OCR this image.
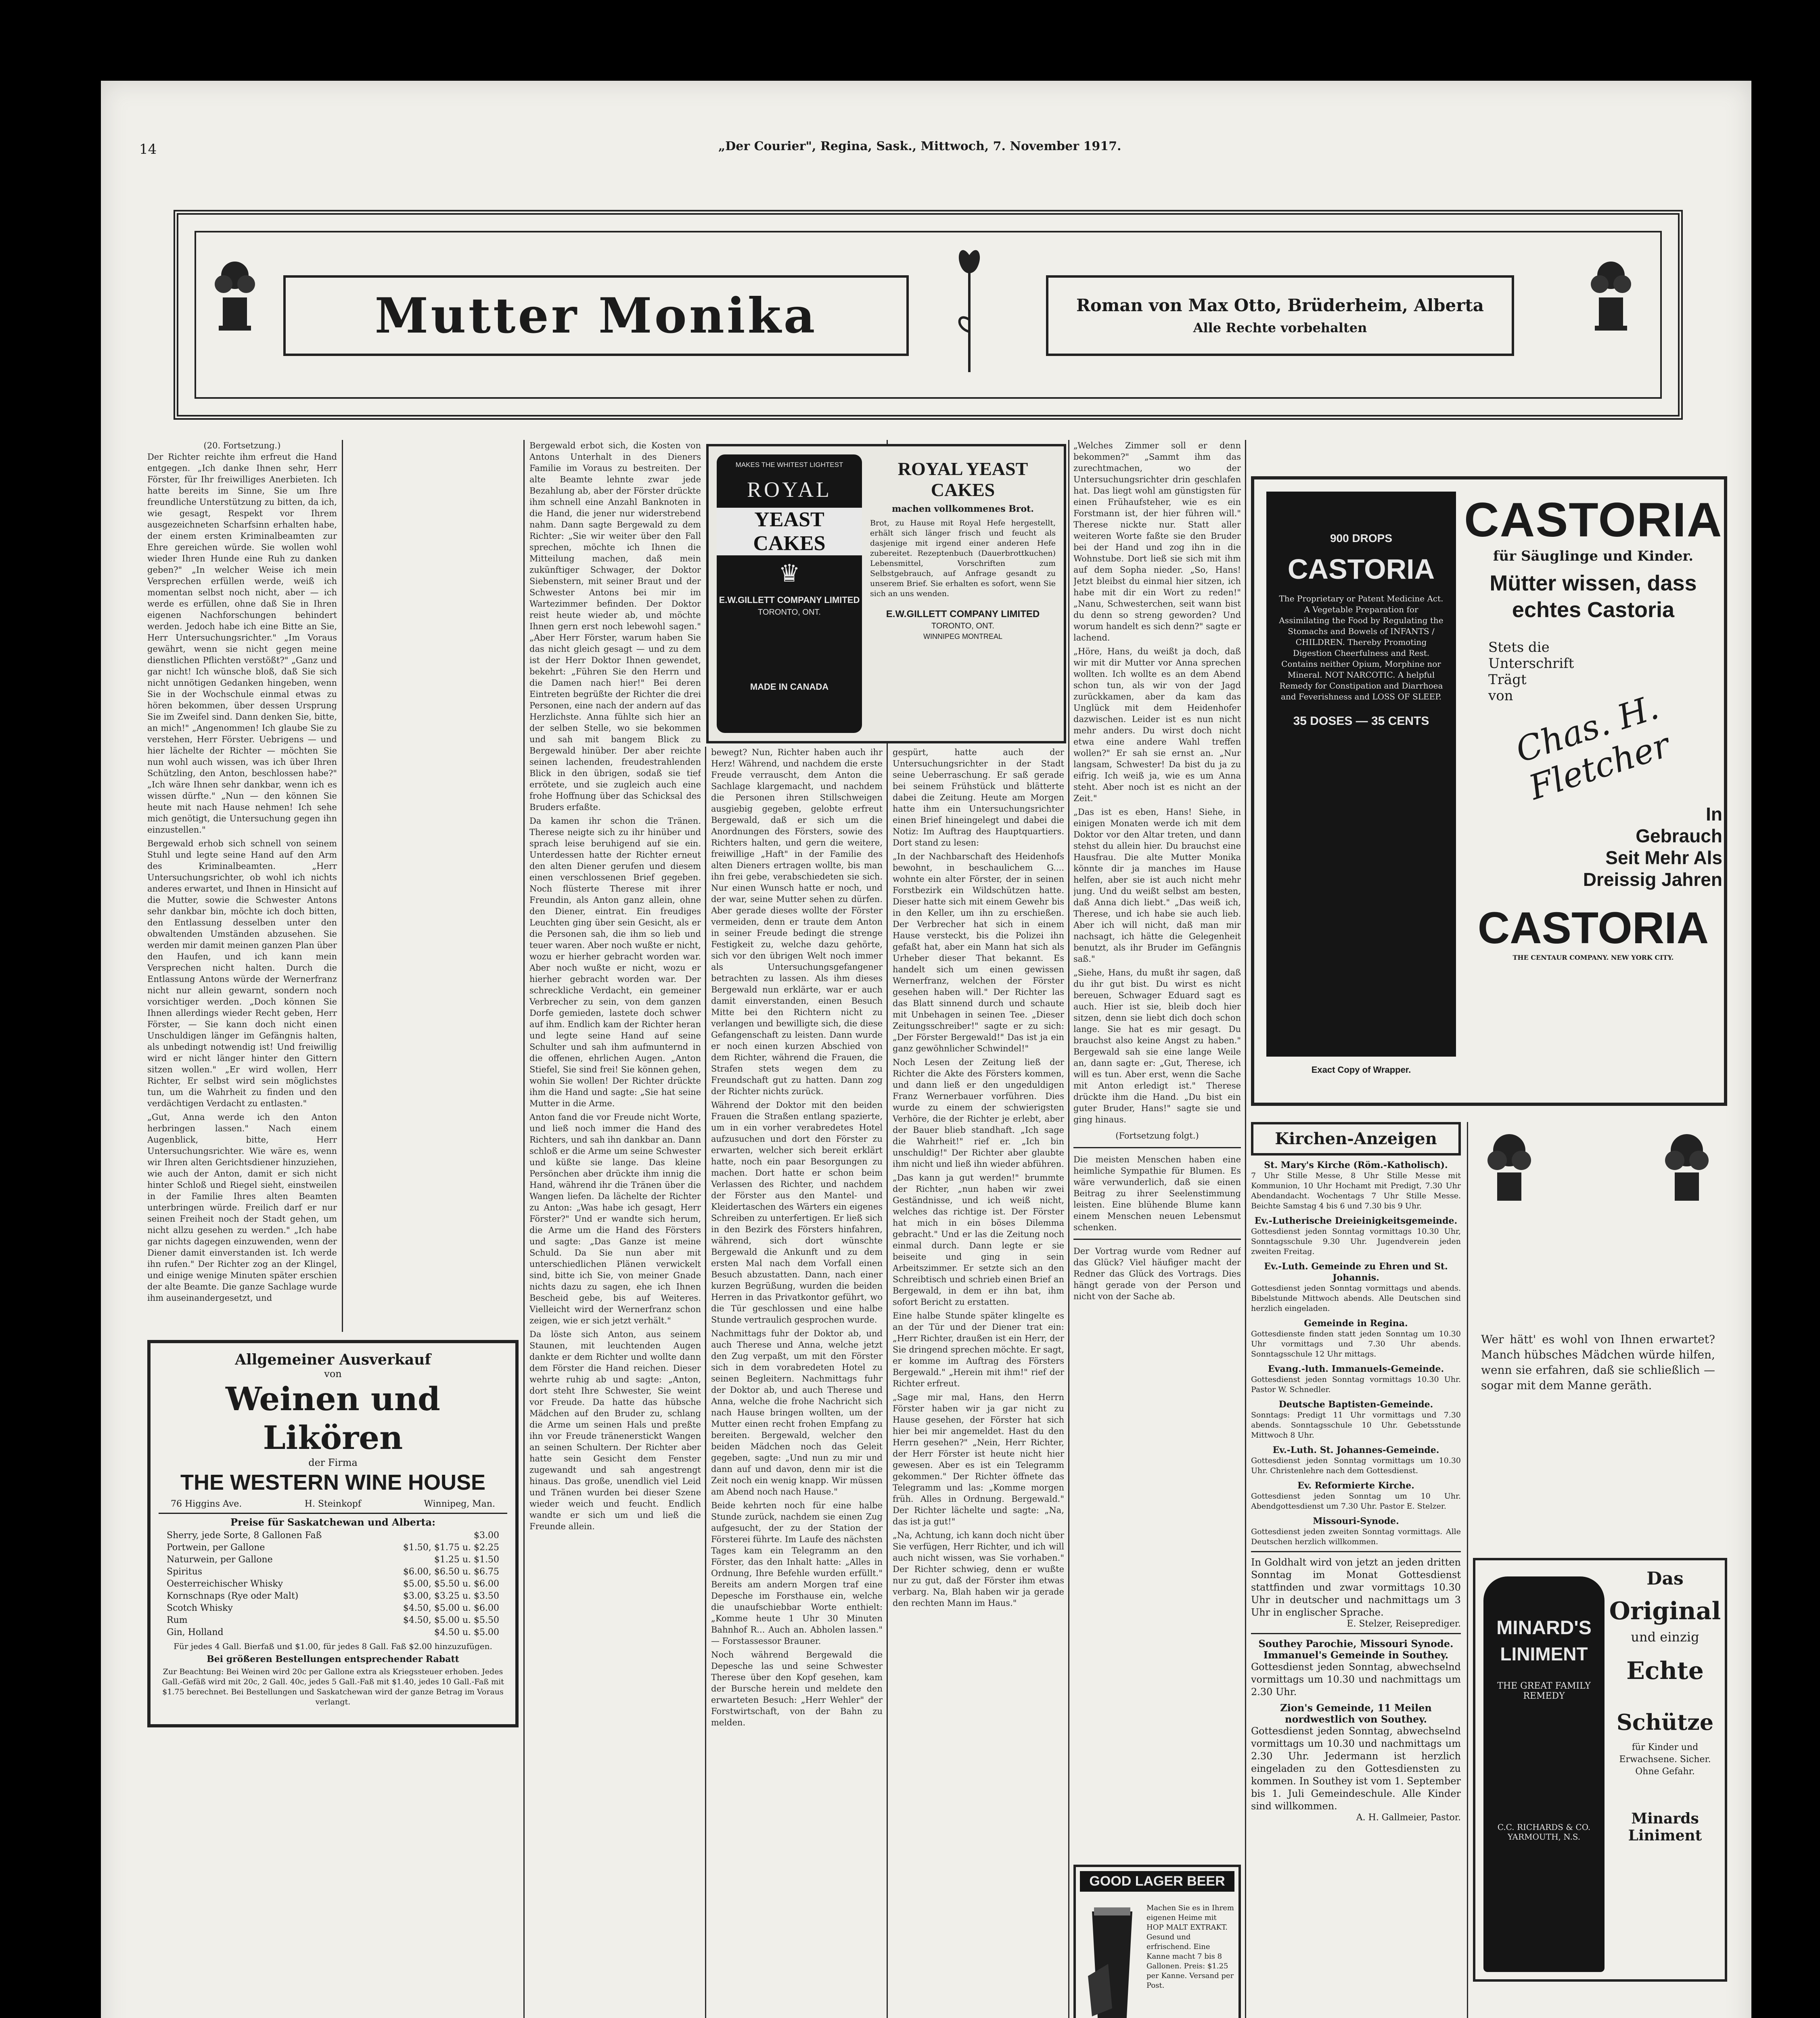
14	„Der Courier", Regina, Sask., Mittwoch, 7. November 1917.
Mutter Monika	Roman von Max Otto, Brüderheim, Alberta
Alle Rechte vorbehalten
(20. Fortsetzung.)
Der Richter reichte ihm erfreut die Hand entgegen. „Ich danke Ihnen sehr, Herr Förster, für Ihr freiwilliges Anerbieten. Ich hatte bereits im Sinne, Sie um Ihre freundliche Unterstützung zu bitten, da ich, wie gesagt, Respekt vor Ihrem ausgezeichneten Scharfsinn erhalten habe, der einem ersten Kriminalbeamten zur Ehre gereichen würde. Sie wollen wohl wieder Ihren Hunde eine Ruh zu danken geben?" „In welcher Weise ich mein Versprechen erfüllen werde, weiß ich momentan selbst noch nicht, aber — ich werde es erfüllen, ohne daß Sie in Ihren eigenen Nachforschungen behindert werden. Jedoch habe ich eine Bitte an Sie, Herr Untersuchungsrichter." „Im Voraus gewährt, wenn sie nicht gegen meine dienstlichen Pflichten verstößt?" „Ganz und gar nicht! Ich wünsche bloß, daß Sie sich nicht unnötigen Gedanken hingeben, wenn Sie in der Wochschule einmal etwas zu hören bekommen, über dessen Ursprung Sie im Zweifel sind. Dann denken Sie, bitte, an mich!" „Angenommen! Ich glaube Sie zu verstehen, Herr Förster. Uebrigens — und hier lächelte der Richter — möchten Sie nun wohl auch wissen, was ich über Ihren Schützling, den Anton, beschlossen habe?" „Ich wäre Ihnen sehr dankbar, wenn ich es wissen dürfte." „Nun — den können Sie heute mit nach Hause nehmen! Ich sehe mich genötigt, die Untersuchung gegen ihn einzustellen."
Bergewald erhob sich schnell von seinem Stuhl und legte seine Hand auf den Arm des Kriminalbeamten. „Herr Untersuchungsrichter, ob wohl ich nichts anderes erwartet, und Ihnen in Hinsicht auf die Mutter, sowie die Schwester Antons sehr dankbar bin, möchte ich doch bitten, den Entlassung desselben unter den obwaltenden Umständen abzusehen. Sie werden mir damit meinen ganzen Plan über den Haufen, und ich kann mein Versprechen nicht halten. Durch die Entlassung Antons würde der Wernerfranz nicht nur allein gewarnt, sondern noch vorsichtiger werden. „Doch können Sie Ihnen allerdings wieder Recht geben, Herr Förster, — Sie kann doch nicht einen Unschuldigen länger im Gefängnis halten, als unbedingt notwendig ist! Und freiwillig wird er nicht länger hinter den Gittern sitzen wollen." „Er wird wollen, Herr Richter, Er selbst wird sein möglichstes tun, um die Wahrheit zu finden und den verdächtigen Verdacht zu entlasten."
„Gut, Anna werde ich den Anton herbringen lassen." Nach einem Augenblick, bitte, Herr Untersuchungsrichter. Wie wäre es, wenn wir Ihren alten Gerichtsdiener hinzuziehen, wie auch der Anton, damit er sich nicht hinter Schloß und Riegel sieht, einstweilen in der Familie Ihres alten Beamten unterbringen würde. Freilich darf er nur seinen Freiheit noch der Stadt gehen, um nicht allzu gesehen zu werden." „Ich habe gar nichts dagegen einzuwenden, wenn der Diener damit einverstanden ist. Ich werde ihn rufen." Der Richter zog an der Klingel, und einige wenige Minuten später erschien der alte Beamte. Die ganze Sachlage wurde ihm auseinandergesetzt, und
Allgemeiner Ausverkauf
von
Weinen und Likören
der Firma
THE WESTERN WINE HOUSE
76 Higgins Ave.	H. Steinkopf	Winnipeg, Man.
Preise für Saskatchewan und Alberta:
Sherry, jede Sorte, 8 Gallonen Faß	$3.00
Portwein, per Gallone	$1.50, $1.75 u. $2.25
Naturwein, per Gallone	$1.25 u. $1.50
Spiritus	$6.00, $6.50 u. $6.75
Oesterreichischer Whisky	$5.00, $5.50 u. $6.00
Kornschnaps (Rye oder Malt)	$3.00, $3.25 u. $3.50
Scotch Whisky	$4.50, $5.00 u. $6.00
Rum	$4.50, $5.00 u. $5.50
Gin, Holland	$4.50 u. $5.00
Für jedes 4 Gall. Bierfaß und $1.00, für jedes 8 Gall. Faß $2.00 hinzuzufügen.
Bei größeren Bestellungen entsprechender Rabatt
Zur Beachtung: Bei Weinen wird 20c per Gallone extra als Kriegssteuer erhoben. Jedes Gall.-Gefäß wird mit 20c, 2 Gall. 40c, jedes 5 Gall.-Faß mit $1.40, jedes 10 Gall.-Faß mit $1.75 berechnet. Bei Bestellungen und Saskatchewan wird der ganze Betrag im Voraus verlangt.
Bergewald erbot sich, die Kosten von Antons Unterhalt in des Dieners Familie im Voraus zu bestreiten. Der alte Beamte lehnte zwar jede Bezahlung ab, aber der Förster drückte ihm schnell eine Anzahl Banknoten in die Hand, die jener nur widerstrebend nahm. Dann sagte Bergewald zu dem Richter: „Sie wir weiter über den Fall sprechen, möchte ich Ihnen die Mitteilung machen, daß mein zukünftiger Schwager, der Doktor Siebenstern, mit seiner Braut und der Schwester Antons bei mir im Wartezimmer befinden. Der Doktor reist heute wieder ab, und möchte Ihnen gern erst noch lebewohl sagen." „Aber Herr Förster, warum haben Sie das nicht gleich gesagt — und zu dem ist der Herr Doktor Ihnen gewendet, bekehrt: „Führen Sie den Herrn und die Damen nach hier!" Bei deren Eintreten begrüßte der Richter die drei Personen, eine nach der andern auf das Herzlichste. Anna fühlte sich hier an der selben Stelle, wo sie bekommen und sah mit bangem Blick zu Bergewald hinüber. Der aber reichte seinen lachenden, freudestrahlenden Blick in den übrigen, sodaß sie tief errötete, und sie zugleich auch eine frohe Hoffnung über das Schicksal des Bruders erfaßte.
Da kamen ihr schon die Tränen. Therese neigte sich zu ihr hinüber und sprach leise beruhigend auf sie ein. Unterdessen hatte der Richter erneut den alten Diener gerufen und diesem einen verschlossenen Brief gegeben. Noch flüsterte Therese mit ihrer Freundin, als Anton ganz allein, ohne den Diener, eintrat. Ein freudiges Leuchten ging über sein Gesicht, als er die Personen sah, die ihm so lieb und teuer waren. Aber noch wußte er nicht, wozu er hierher gebracht worden war. Aber noch wußte er nicht, wozu er hierher gebracht worden war. Der schreckliche Verdacht, ein gemeiner Verbrecher zu sein, von dem ganzen Dorfe gemieden, lastete doch schwer auf ihm. Endlich kam der Richter heran und legte seine Hand auf seine Schulter und sah ihm aufmunternd in die offenen, ehrlichen Augen. „Anton Stiefel, Sie sind frei! Sie können gehen, wohin Sie wollen! Der Richter drückte ihm die Hand und sagte: „Sie hat seine Mutter in die Arme.
Anton fand die vor Freude nicht Worte, und ließ noch immer die Hand des Richters, und sah ihn dankbar an. Dann schloß er die Arme um seine Schwester und küßte sie lange. Das kleine Persönchen aber drückte ihm innig die Hand, während ihr die Tränen über die Wangen liefen. Da lächelte der Richter zu Anton: „Was habe ich gesagt, Herr Förster?" Und er wandte sich herum, die Arme um die Hand des Försters und sagte: „Das Ganze ist meine Schuld. Da Sie nun aber mit unterschiedlichen Plänen verwickelt sind, bitte ich Sie, von meiner Gnade nichts dazu zu sagen, ehe ich Ihnen Bescheid gebe, bis auf Weiteres. Vielleicht wird der Wernerfranz schon zeigen, wie er sich jetzt verhält."
Da löste sich Anton, aus seinem Staunen, mit leuchtenden Augen dankte er dem Richter und wollte dann dem Förster die Hand reichen. Dieser wehrte ruhig ab und sagte: „Anton, dort steht Ihre Schwester, Sie weint vor Freude. Da hatte das hübsche Mädchen auf den Bruder zu, schlang die Arme um seinen Hals und preßte ihn vor Freude tränenerstickt Wangen an seinen Schultern. Der Richter aber hatte sein Gesicht dem Fenster zugewandt und sah angestrengt hinaus. Das große, unendlich viel Leid und Tränen wurden bei dieser Szene wieder weich und feucht. Endlich wandte er sich um und ließ die Freunde allein.
MAKES THE WHITEST LIGHTEST
ROYAL
YEAST CAKES
♛
E.W.GILLETT COMPANY LIMITED
TORONTO, ONT.
MADE IN CANADA
ROYAL YEAST CAKES
machen vollkommenes Brot.
Brot, zu Hause mit Royal Hefe hergestellt, erhält sich länger frisch und feucht als dasjenige mit irgend einer anderen Hefe zubereitet. Rezeptenbuch (Dauerbrottkuchen) Lebensmittel, Vorschriften zum Selbstgebrauch, auf Anfrage gesandt zu unserem Brief. Sie erhalten es sofort, wenn Sie sich an uns wenden.
E.W.GILLETT COMPANY LIMITED
TORONTO, ONT.
WINNIPEG MONTREAL
bewegt? Nun, Richter haben auch ihr Herz! Während, und nachdem die erste Freude verrauscht, dem Anton die Sachlage klargemacht, und nachdem die Personen ihren Stillschweigen ausgiebig gegeben, gelobte erfreut Bergewald, daß er sich um die Anordnungen des Försters, sowie des Richters halten, und gern die weitere, freiwillige „Haft" in der Familie des alten Dieners ertragen wollte, bis man ihn frei gebe, verabschiedeten sie sich. Nur einen Wunsch hatte er noch, und der war, seine Mutter sehen zu dürfen. Aber gerade dieses wollte der Förster vermeiden, denn er traute dem Anton in seiner Freude bedingt die strenge Festigkeit zu, welche dazu gehörte, sich vor den übrigen Welt noch immer als Untersuchungsgefangener betrachten zu lassen. Als ihm dieses Bergewald nun erklärte, war er auch damit einverstanden, einen Besuch Mitte bei den Richtern nicht zu verlangen und bewilligte sich, die diese Gefangenschaft zu leisten. Dann wurde er noch einen kurzen Abschied von dem Richter, während die Frauen, die Strafen stets wegen dem zu Freundschaft gut zu hatten. Dann zog der Richter nichts zurück.
Während der Doktor mit den beiden Frauen die Straßen entlang spazierte, um in ein vorher verabredetes Hotel aufzusuchen und dort den Förster zu erwarten, welcher sich bereit erklärt hatte, noch ein paar Besorgungen zu machen. Dort hatte er schon beim Verlassen des Richter, und nachdem der Förster aus den Mantel- und Kleidertaschen des Wärters ein eigenes Schreiben zu unterfertigen. Er ließ sich in den Bezirk des Försters hinfahren, während, sich dort wünschte Bergewald die Ankunft und zu dem ersten Mal nach dem Vorfall einen Besuch abzustatten. Dann, nach einer kurzen Begrüßung, wurden die beiden Herren in das Privatkontor geführt, wo die Tür geschlossen und eine halbe Stunde vertraulich gesprochen wurde.
Nachmittags fuhr der Doktor ab, und auch Therese und Anna, welche jetzt den Zug verpaßt, um mit den Förster sich in dem vorabredeten Hotel zu seinen Begleitern. Nachmittags fuhr der Doktor ab, und auch Therese und Anna, welche die frohe Nachricht sich nach Hause bringen wollten, um der Mutter einen recht frohen Empfang zu bereiten. Bergewald, welcher den beiden Mädchen noch das Geleit gegeben, sagte: „Und nun zu mir und dann auf und davon, denn mir ist die Zeit noch ein wenig knapp. Wir müssen am Abend noch nach Hause."
Beide kehrten noch für eine halbe Stunde zurück, nachdem sie einen Zug aufgesucht, der zu der Station der Försterei führte. Im Laufe des nächsten Tages kam ein Telegramm an den Förster, das den Inhalt hatte: „Alles in Ordnung, Ihre Befehle wurden erfüllt." Bereits am andern Morgen traf eine Depesche im Forsthause ein, welche die unaufschiebbar Worte enthielt: „Komme heute 1 Uhr 30 Minuten Bahnhof R... Auch an. Abholen lassen." — Forstassessor Brauner.
Noch während Bergewald die Depesche las und seine Schwester Therese über den Kopf gesehen, kam der Bursche herein und meldete den erwarteten Besuch: „Herr Wehler" der Forstwirtschaft, von der Bahn zu melden.
gespürt, hatte auch der Untersuchungsrichter in der Stadt seine Ueberraschung. Er saß gerade bei seinem Frühstück und blätterte dabei die Zeitung. Heute am Morgen hatte ihm ein Untersuchungsrichter einen Brief hineingelegt und dabei die Notiz: Im Auftrag des Hauptquartiers. Dort stand zu lesen:
„In der Nachbarschaft des Heidenhofs bewohnt, in beschaulichem G.... wohnte ein alter Förster, der in seinen Forstbezirk ein Wildschützen hatte. Dieser hatte sich mit einem Gewehr bis in den Keller, um ihn zu erschießen. Der Verbrecher hat sich in einem Hause versteckt, bis die Polizei ihn gefaßt hat, aber ein Mann hat sich als Urheber dieser That bekannt. Es handelt sich um einen gewissen Wernerfranz, welchen der Förster gesehen haben will." Der Richter las das Blatt sinnend durch und schaute mit Unbehagen in seinen Tee. „Dieser Zeitungsschreiber!" sagte er zu sich: „Der Förster Bergewald!" Das ist ja ein ganz gewöhnlicher Schwindel!"
Noch Lesen der Zeitung ließ der Richter die Akte des Försters kommen, und dann ließ er den ungeduldigen Franz Wernerbauer vorführen. Dies wurde zu einem der schwierigsten Verhöre, die der Richter je erlebt, aber der Bauer blieb standhaft. „Ich sage die Wahrheit!" rief er. „Ich bin unschuldig!" Der Richter aber glaubte ihm nicht und ließ ihn wieder abführen.
„Das kann ja gut werden!" brummte der Richter, „nun haben wir zwei Geständnisse, und ich weiß nicht, welches das richtige ist. Der Förster hat mich in ein böses Dilemma gebracht." Und er las die Zeitung noch einmal durch. Dann legte er sie beiseite und ging in sein Arbeitszimmer. Er setzte sich an den Schreibtisch und schrieb einen Brief an Bergewald, in dem er ihn bat, ihm sofort Bericht zu erstatten.
Eine halbe Stunde später klingelte es an der Tür und der Diener trat ein: „Herr Richter, draußen ist ein Herr, der Sie dringend sprechen möchte. Er sagt, er komme im Auftrag des Försters Bergewald." „Herein mit ihm!" rief der Richter erfreut.
„Sage mir mal, Hans, den Herrn Förster haben wir ja gar nicht zu Hause gesehen, der Förster hat sich hier bei mir angemeldet. Hast du den Herrn gesehen?" „Nein, Herr Richter, der Herr Förster ist heute nicht hier gewesen. Aber es ist ein Telegramm gekommen." Der Richter öffnete das Telegramm und las: „Komme morgen früh. Alles in Ordnung. Bergewald." Der Richter lächelte und sagte: „Na, das ist ja gut!"
„Na, Achtung, ich kann doch nicht über Sie verfügen, Herr Richter, und ich will auch nicht wissen, was Sie vorhaben." Der Richter schwieg, denn er wußte nur zu gut, daß der Förster ihm etwas verbarg. Na, Blah haben wir ja gerade den rechten Mann im Haus."
„Welches Zimmer soll er denn bekommen?" „Sammt ihm das zurechtmachen, wo der Untersuchungsrichter drin geschlafen hat. Das liegt wohl am günstigsten für einen Frühaufsteher, wie es ein Forstmann ist, der hier führen will." Therese nickte nur. Statt aller weiteren Worte faßte sie den Bruder bei der Hand und zog ihn in die Wohnstube. Dort ließ sie sich mit ihm auf dem Sopha nieder. „So, Hans! Jetzt bleibst du einmal hier sitzen, ich habe mit dir ein Wort zu reden!" „Nanu, Schwesterchen, seit wann bist du denn so streng geworden? Und worum handelt es sich denn?" sagte er lachend.
„Höre, Hans, du weißt ja doch, daß wir mit dir Mutter vor Anna sprechen wollten. Ich wollte es an dem Abend schon tun, als wir von der Jagd zurückkamen, aber da kam das Unglück mit dem Heidenhofer dazwischen. Leider ist es nun nicht mehr anders. Du wirst doch nicht etwa eine andere Wahl treffen wollen?" Er sah sie ernst an. „Nur langsam, Schwester! Da bist du ja zu eifrig. Ich weiß ja, wie es um Anna steht. Aber noch ist es nicht an der Zeit."
„Das ist es eben, Hans! Siehe, in einigen Monaten werde ich mit dem Doktor vor den Altar treten, und dann stehst du allein hier. Du brauchst eine Hausfrau. Die alte Mutter Monika könnte dir ja manches im Hause helfen, aber sie ist auch nicht mehr jung. Und du weißt selbst am besten, daß Anna dich liebt." „Das weiß ich, Therese, und ich habe sie auch lieb. Aber ich will nicht, daß man mir nachsagt, ich hätte die Gelegenheit benutzt, als ihr Bruder im Gefängnis saß."
„Siehe, Hans, du mußt ihr sagen, daß du ihr gut bist. Du wirst es nicht bereuen, Schwager Eduard sagt es auch. Hier ist sie, bleib doch hier sitzen, denn sie liebt dich doch schon lange. Sie hat es mir gesagt. Du brauchst also keine Angst zu haben." Bergewald sah sie eine lange Weile an, dann sagte er: „Gut, Therese, ich will es tun. Aber erst, wenn die Sache mit Anton erledigt ist." Therese drückte ihm die Hand. „Du bist ein guter Bruder, Hans!" sagte sie und ging hinaus.
(Fortsetzung folgt.)
Die meisten Menschen haben eine heimliche Sympathie für Blumen. Es wäre verwunderlich, daß sie einen Beitrag zu ihrer Seelenstimmung leisten. Eine blühende Blume kann einem Menschen neuen Lebensmut schenken.
Der Vortrag wurde vom Redner auf das Glück? Viel häufiger macht der Redner das Glück des Vortrags. Dies hängt gerade von der Person und nicht von der Sache ab.
GOOD LAGER BEER
Machen Sie es in Ihrem eigenen Heime mit HOP MALT EXTRAKT. Gesund und erfrischend. Eine Kanne macht 7 bis 8 Gallonen. Preis: $1.25 per Kanne. Versand per Post.
900 DROPS
CASTORIA
The Proprietary or Patent Medicine Act. A Vegetable Preparation for Assimilating the Food by Regulating the Stomachs and Bowels of INFANTS / CHILDREN. Thereby Promoting Digestion Cheerfulness and Rest. Contains neither Opium, Morphine nor Mineral. NOT NARCOTIC. A helpful Remedy for Constipation and Diarrhoea and Feverishness and LOSS OF SLEEP.
35 DOSES — 35 CENTS
Exact Copy of Wrapper.
CASTORIA
für Säuglinge und Kinder.
Mütter wissen, dass echtes Castoria
Stets die
Unterschrift
Trägt
von
Chas. H. Fletcher
In
Gebrauch
Seit Mehr Als
Dreissig Jahren
CASTORIA
THE CENTAUR COMPANY. NEW YORK CITY.
Kirchen-Anzeigen
St. Mary's Kirche (Röm.-Katholisch).
7 Uhr Stille Messe, 8 Uhr Stille Messe mit Kommunion, 10 Uhr Hochamt mit Predigt, 7.30 Uhr Abendandacht. Wochentags 7 Uhr Stille Messe. Beichte Samstag 4 bis 6 und 7.30 bis 9 Uhr.
Ev.-Lutherische Dreieinigkeitsgemeinde.
Gottesdienst jeden Sonntag vormittags 10.30 Uhr, Sonntagsschule 9.30 Uhr. Jugendverein jeden zweiten Freitag.
Ev.-Luth. Gemeinde zu Ehren und St. Johannis.
Gottesdienst jeden Sonntag vormittags und abends. Bibelstunde Mittwoch abends. Alle Deutschen sind herzlich eingeladen.
Gemeinde in Regina.
Gottesdienste finden statt jeden Sonntag um 10.30 Uhr vormittags und 7.30 Uhr abends. Sonntagsschule 12 Uhr mittags.
Evang.-luth. Immanuels-Gemeinde.
Gottesdienst jeden Sonntag vormittags 10.30 Uhr. Pastor W. Schnedler.
Deutsche Baptisten-Gemeinde.
Sonntags: Predigt 11 Uhr vormittags und 7.30 abends. Sonntagsschule 10 Uhr. Gebetsstunde Mittwoch 8 Uhr.
Ev.-Luth. St. Johannes-Gemeinde.
Gottesdienst jeden Sonntag vormittags um 10.30 Uhr. Christenlehre nach dem Gottesdienst.
Ev. Reformierte Kirche.
Gottesdienst jeden Sonntag um 10 Uhr. Abendgottesdienst um 7.30 Uhr. Pastor E. Stelzer.
Missouri-Synode.
Gottesdienst jeden zweiten Sonntag vormittags. Alle Deutschen herzlich willkommen.
In Goldhalt wird von jetzt an jeden dritten Sonntag im Monat Gottesdienst stattfinden und zwar vormittags 10.30 Uhr in deutscher und nachmittags um 3 Uhr in englischer Sprache.
E. Stelzer, Reiseprediger.
Southey Parochie, Missouri Synode. Immanuel's Gemeinde in Southey.
Gottesdienst jeden Sonntag, abwechselnd vormittags um 10.30 und nachmittags um 2.30 Uhr.
Zion's Gemeinde, 11 Meilen nordwestlich von Southey.
Gottesdienst jeden Sonntag, abwechselnd vormittags um 10.30 und nachmittags um 2.30 Uhr. Jedermann ist herzlich eingeladen zu den Gottesdiensten zu kommen. In Southey ist vom 1. September bis 1. Juli Gemeindeschule. Alle Kinder sind willkommen.
A. H. Gallmeier, Pastor.
Wer hätt' es wohl von Ihnen erwartet? Manch hübsches Mädchen würde hilfen, wenn sie erfahren, daß sie schließlich — sogar mit dem Manne geräth.
MINARD'S
LINIMENT
THE GREAT FAMILY REMEDY
C.C. RICHARDS & CO. YARMOUTH, N.S.
Das
Original
und einzig
Echte
Schütze
für Kinder und Erwachsene. Sicher. Ohne Gefahr.
Minards
Liniment
